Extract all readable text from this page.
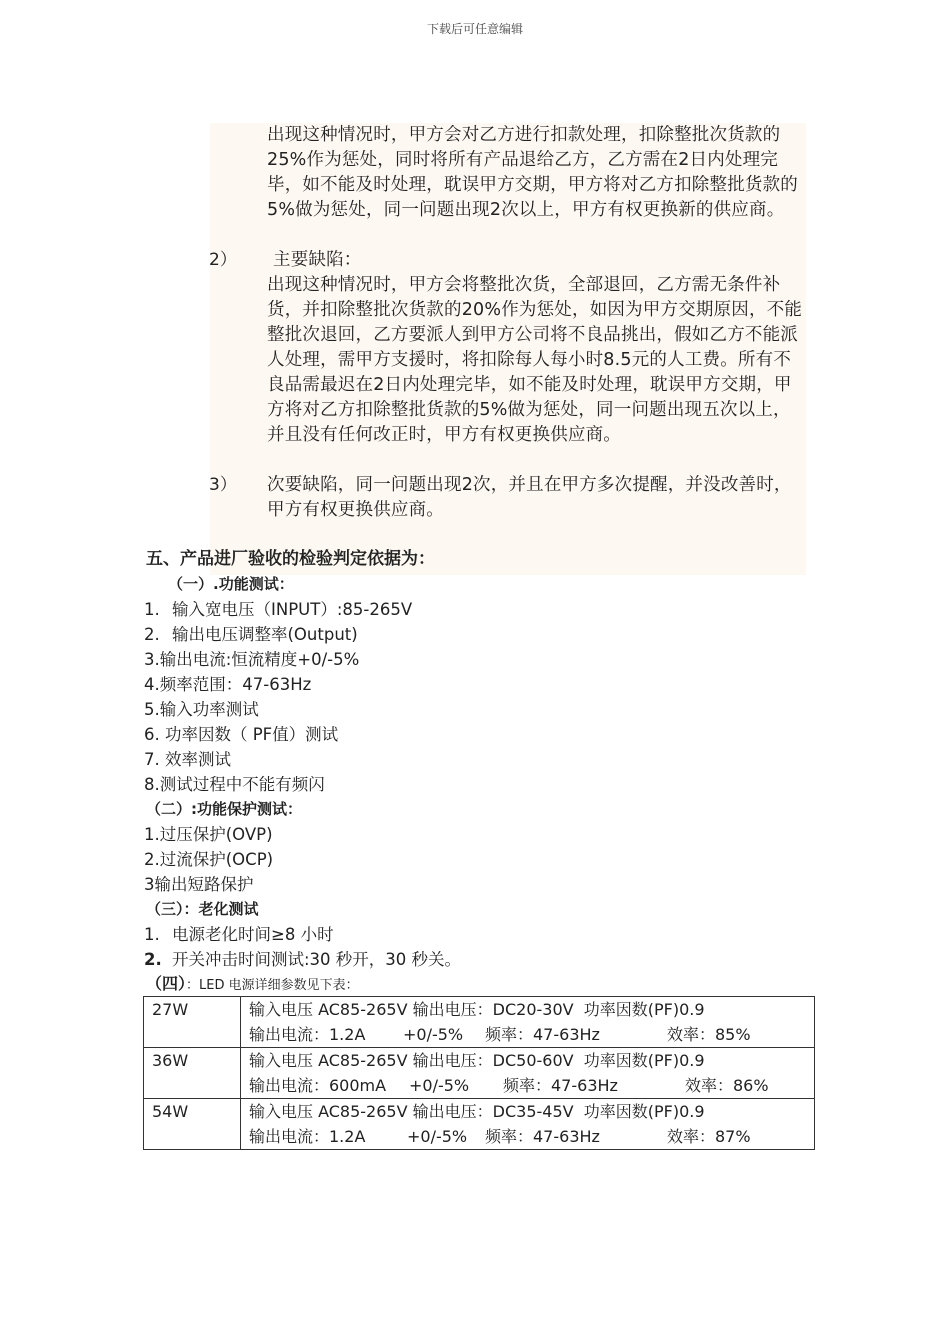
下载后可任意编辑
出现这种情况时，甲方会对乙方进行扣款处理，扣除整批次货款的25%作为惩处，同时将所有产品退给乙方，乙方需在2日内处理完毕，如不能及时处理，耽误甲方交期，甲方将对乙方扣除整批货款的5%做为惩处，同一问题出现2次以上，甲方有权更换新的供应商。
2） 主要缺陷：
出现这种情况时，甲方会将整批次货，全部退回，乙方需无条件补货，并扣除整批次货款的20%作为惩处，如因为甲方交期原因，不能整批次退回，乙方要派人到甲方公司将不良品挑出，假如乙方不能派人处理，需甲方支援时，将扣除每人每小时8.5元的人工费。所有不良品需最迟在2日内处理完毕，如不能及时处理，耽误甲方交期，甲方将对乙方扣除整批货款的5%做为惩处，同一问题出现五次以上，并且没有任何改正时，甲方有权更换供应商。
3） 次要缺陷，同一问题出现2次，并且在甲方多次提醒，并没改善时，甲方有权更换供应商。
五、产品进厂验收的检验判定依据为：
（一）.功能测试：
1. 输入宽电压（INPUT）:85-265V
2. 输出电压调整率(Output)
3.输出电流:恒流精度+0/-5%
4.频率范围：47-63Hz
5.输入功率测试
6. 功率因数（ PF值）测试
7. 效率测试
8.测试过程中不能有频闪
（二）:功能保护测试：
1.过压保护(OVP)
2.过流保护(OCP)
3输出短路保护
（三）：老化测试
1. 电源老化时间≥8 小时
2. 开关冲击时间测试:30 秒开，30 秒关。
（四）：LED 电源详细参数见下表：
27W	输入电压 AC85-265V 输出电压：DC20-30V 功率因数(PF)0.9
输出电流：1.2A +0/-5% 频率：47-63Hz 效率：85%

36W	输入电压 AC85-265V 输出电压：DC50-60V 功率因数(PF)0.9
输出电流：600mA +0/-5% 频率：47-63Hz 效率：86%

54W	输入电压 AC85-265V 输出电压：DC35-45V 功率因数(PF)0.9
输出电流：1.2A +0/-5% 频率：47-63Hz 效率：87%
